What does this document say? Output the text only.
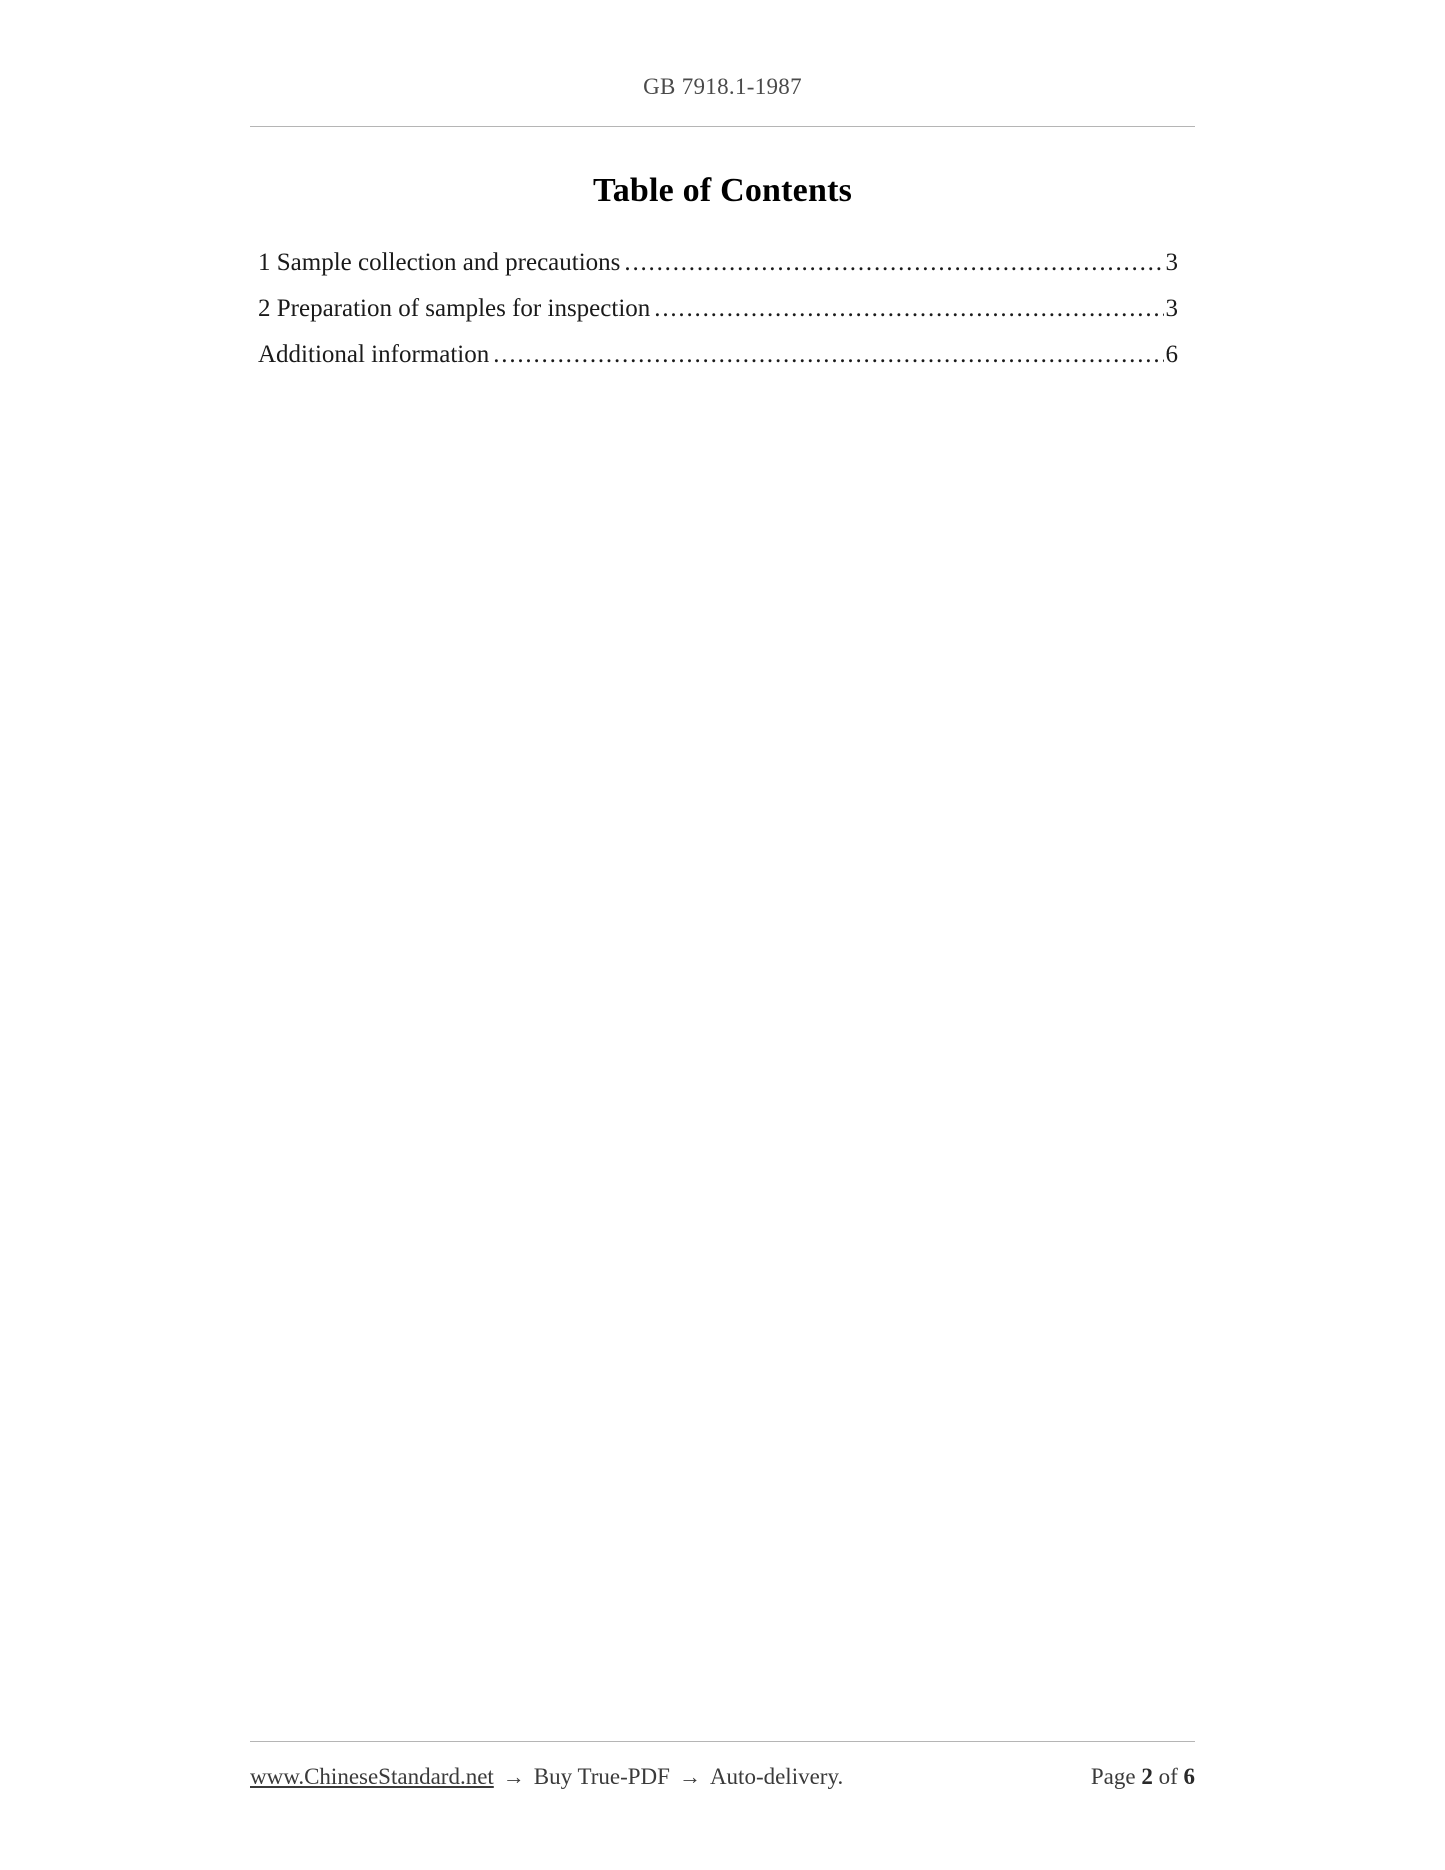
GB 7918.1-1987
Table of Contents
1 Sample collection and precautions .....	3
2 Preparation of samples for inspection .....	3
Additional information .....	6
www.ChineseStandard.net → Buy True-PDF → Auto-delivery.	Page 2 of 6
